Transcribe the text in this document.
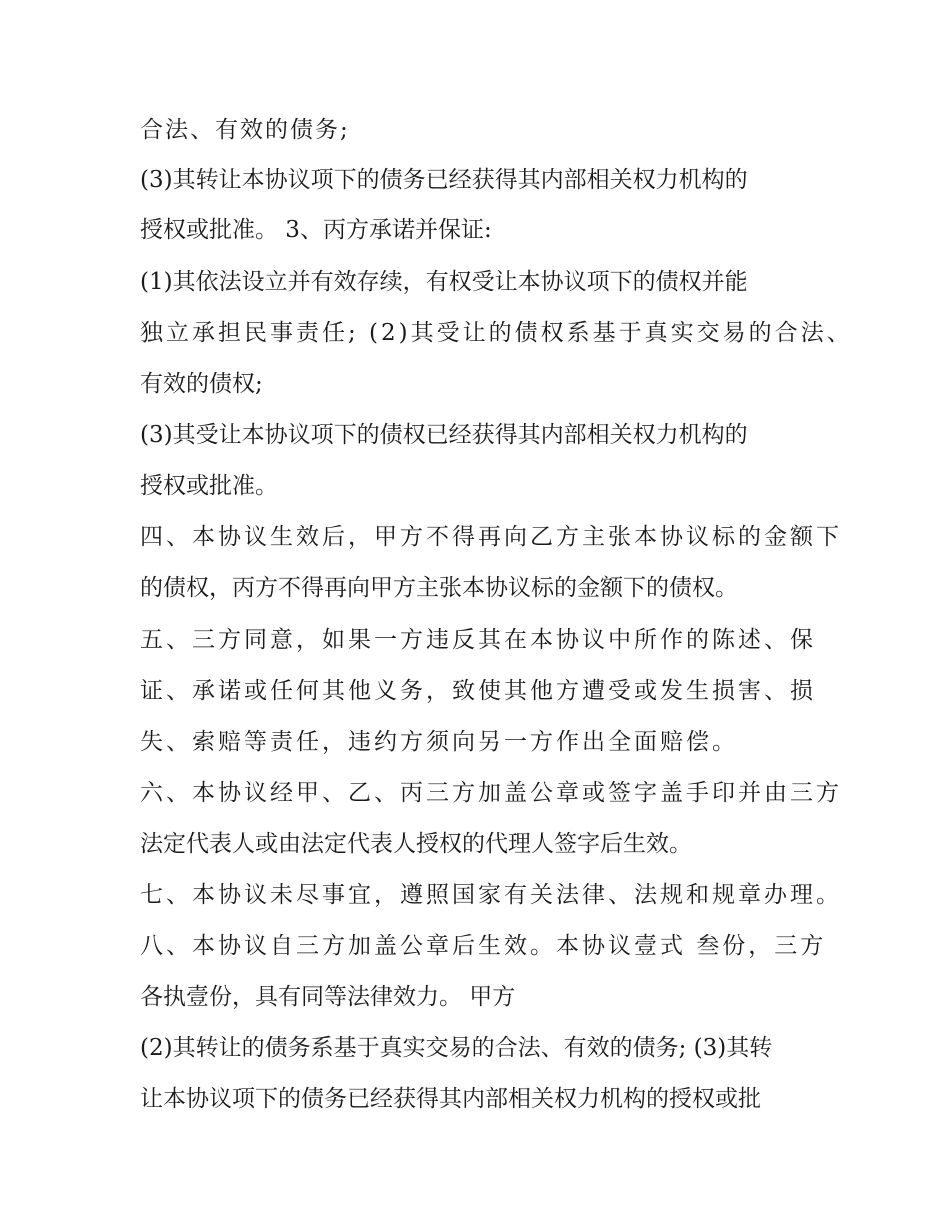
合法、有效的债务;
(3)其转让本协议项下的债务已经获得其内部相关权力机构的
授权或批准。 3、丙方承诺并保证:
(1)其依法设立并有效存续，有权受让本协议项下的债权并能
独立承担民事责任; (2)其受让的债权系基于真实交易的合法、
有效的债权;
(3)其受让本协议项下的债权已经获得其内部相关权力机构的
授权或批准。
四、本协议生效后，甲方不得再向乙方主张本协议标的金额下
的债权，丙方不得再向甲方主张本协议标的金额下的债权。
五、三方同意，如果一方违反其在本协议中所作的陈述、保
证、承诺或任何其他义务，致使其他方遭受或发生损害、损
失、索赔等责任，违约方须向另一方作出全面赔偿。
六、本协议经甲、乙、丙三方加盖公章或签字盖手印并由三方
法定代表人或由法定代表人授权的代理人签字后生效。
七、本协议未尽事宜，遵照国家有关法律、法规和规章办理。
八、本协议自三方加盖公章后生效。本协议壹式 叁份，三方
各执壹份，具有同等法律效力。 甲方
(2)其转让的债务系基于真实交易的合法、有效的债务; (3)其转
让本协议项下的债务已经获得其内部相关权力机构的授权或批
